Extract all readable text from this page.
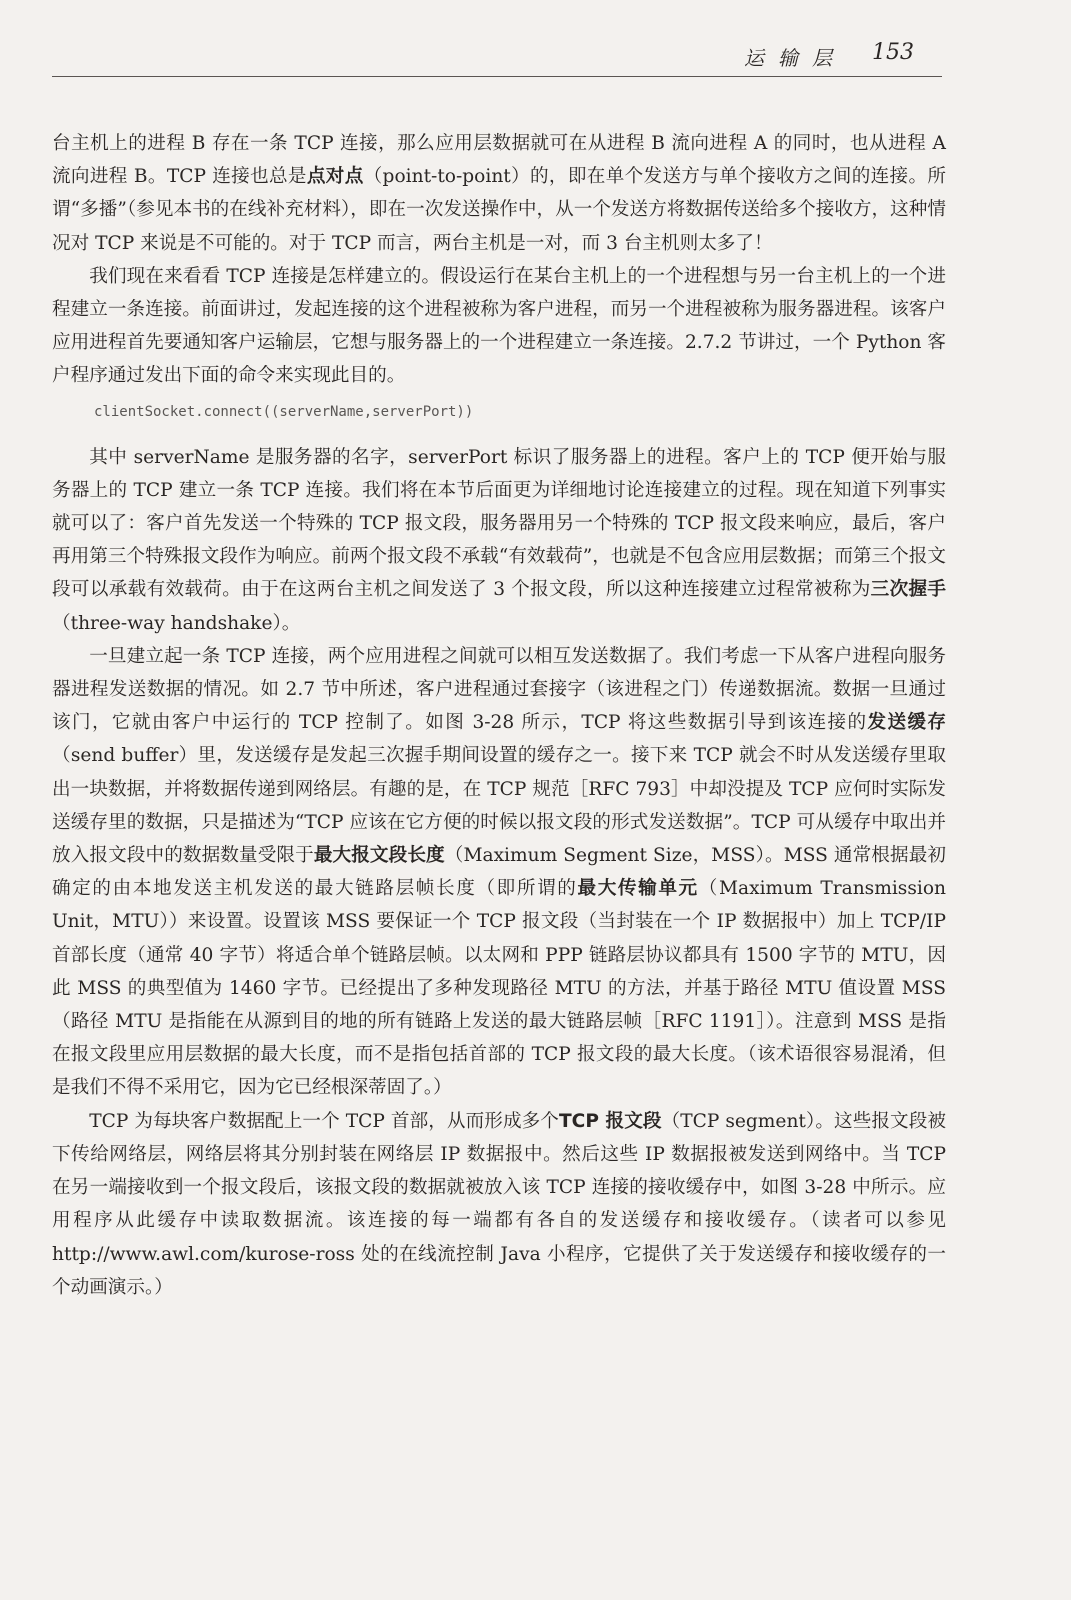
运输层 153

台主机上的进程 B 存在一条 TCP 连接，那么应用层数据就可在从进程 B 流向进程 A 的同时，也从进程 A 流向进程 B。TCP 连接也总是点对点（point-to-point）的，即在单个发送方与单个接收方之间的连接。所谓“多播”（参见本书的在线补充材料），即在一次发送操作中，从一个发送方将数据传送给多个接收方，这种情况对 TCP 来说是不可能的。对于 TCP 而言，两台主机是一对，而 3 台主机则太多了！

我们现在来看看 TCP 连接是怎样建立的。假设运行在某台主机上的一个进程想与另一台主机上的一个进程建立一条连接。前面讲过，发起连接的这个进程被称为客户进程，而另一个进程被称为服务器进程。该客户应用进程首先要通知客户运输层，它想与服务器上的一个进程建立一条连接。2.7.2 节讲过，一个 Python 客户程序通过发出下面的命令来实现此目的。

clientSocket.connect((serverName,serverPort))

其中 serverName 是服务器的名字，serverPort 标识了服务器上的进程。客户上的 TCP 便开始与服务器上的 TCP 建立一条 TCP 连接。我们将在本节后面更为详细地讨论连接建立的过程。现在知道下列事实就可以了：客户首先发送一个特殊的 TCP 报文段，服务器用另一个特殊的 TCP 报文段来响应，最后，客户再用第三个特殊报文段作为响应。前两个报文段不承载“有效载荷”，也就是不包含应用层数据；而第三个报文段可以承载有效载荷。由于在这两台主机之间发送了 3 个报文段，所以这种连接建立过程常被称为三次握手（three-way handshake）。

一旦建立起一条 TCP 连接，两个应用进程之间就可以相互发送数据了。我们考虑一下从客户进程向服务器进程发送数据的情况。如 2.7 节中所述，客户进程通过套接字（该进程之门）传递数据流。数据一旦通过该门，它就由客户中运行的 TCP 控制了。如图 3-28 所示，TCP 将这些数据引导到该连接的发送缓存（send buffer）里，发送缓存是发起三次握手期间设置的缓存之一。接下来 TCP 就会不时从发送缓存里取出一块数据，并将数据传递到网络层。有趣的是，在 TCP 规范［RFC 793］中却没提及 TCP 应何时实际发送缓存里的数据，只是描述为“TCP 应该在它方便的时候以报文段的形式发送数据”。TCP 可从缓存中取出并放入报文段中的数据数量受限于最大报文段长度（Maximum Segment Size，MSS）。MSS 通常根据最初确定的由本地发送主机发送的最大链路层帧长度（即所谓的最大传输单元（Maximum Transmission Unit，MTU））来设置。设置该 MSS 要保证一个 TCP 报文段（当封装在一个 IP 数据报中）加上 TCP/IP 首部长度（通常 40 字节）将适合单个链路层帧。以太网和 PPP 链路层协议都具有 1500 字节的 MTU，因此 MSS 的典型值为 1460 字节。已经提出了多种发现路径 MTU 的方法，并基于路径 MTU 值设置 MSS（路径 MTU 是指能在从源到目的地的所有链路上发送的最大链路层帧［RFC 1191］）。注意到 MSS 是指在报文段里应用层数据的最大长度，而不是指包括首部的 TCP 报文段的最大长度。（该术语很容易混淆，但是我们不得不采用它，因为它已经根深蒂固了。）

TCP 为每块客户数据配上一个 TCP 首部，从而形成多个TCP 报文段（TCP segment）。这些报文段被下传给网络层，网络层将其分别封装在网络层 IP 数据报中。然后这些 IP 数据报被发送到网络中。当 TCP 在另一端接收到一个报文段后，该报文段的数据就被放入该 TCP 连接的接收缓存中，如图 3-28 中所示。应用程序从此缓存中读取数据流。该连接的每一端都有各自的发送缓存和接收缓存。（读者可以参见 http://www.awl.com/kurose-ross 处的在线流控制 Java 小程序，它提供了关于发送缓存和接收缓存的一个动画演示。）
